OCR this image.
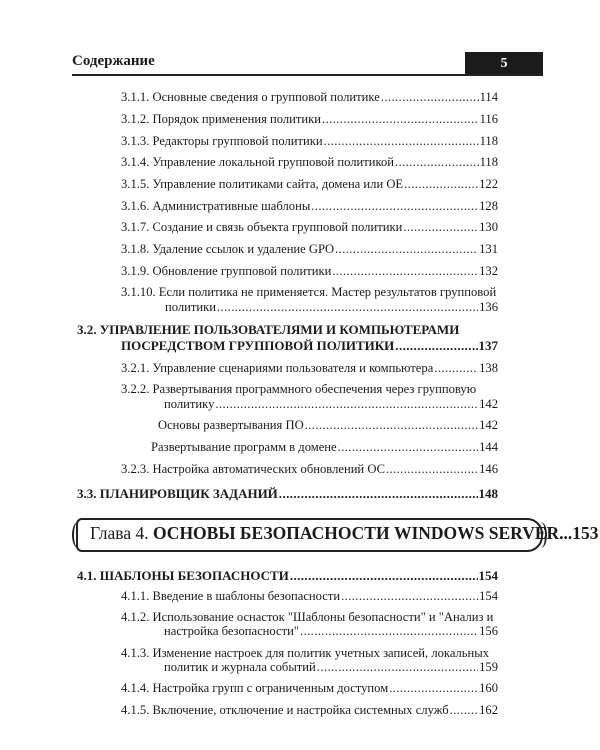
Содержание	5
3.1.1. Основные сведения о групповой политике .....	114
3.1.2. Порядок применения политики .....	116
3.1.3. Редакторы групповой политики .....	118
3.1.4. Управление локальной групповой политикой .....	118
3.1.5. Управление политиками сайта, домена или ОЕ .....	122
3.1.6. Административные шаблоны .....	128
3.1.7. Создание и связь объекта групповой политики .....	130
3.1.8. Удаление ссылок и удаление GPO .....	131
3.1.9. Обновление групповой политики .....	132
3.1.10. Если политика не применяется. Мастер результатов групповой
политики .....	136
3.2. УПРАВЛЕНИЕ ПОЛЬЗОВАТЕЛЯМИ И КОМПЬЮТЕРАМИ
ПОСРЕДСТВОМ ГРУППОВОЙ ПОЛИТИКИ .....	137
3.2.1. Управление сценариями пользователя и компьютера .....	138
3.2.2. Развертывания программного обеспечения через групповую
политику .....	142
Основы развертывания ПО .....	142
Развертывание программ в домене .....	144
3.2.3. Настройка автоматических обновлений ОС .....	146
3.3. ПЛАНИРОВЩИК ЗАДАНИЙ .....	148
Глава 4. ОСНОВЫ БЕЗОПАСНОСТИ WINDOWS SERVER...153
4.1. ШАБЛОНЫ БЕЗОПАСНОСТИ .....	154
4.1.1. Введение в шаблоны безопасности .....	154
4.1.2. Использование оснасток "Шаблоны безопасности" и "Анализ и
настройка безопасности" .....	156
4.1.3. Изменение настроек для политик учетных записей, локальных
политик и журнала событий .....	159
4.1.4. Настройка групп с ограниченным доступом .....	160
4.1.5. Включение, отключение и настройка системных служб ..... 162
